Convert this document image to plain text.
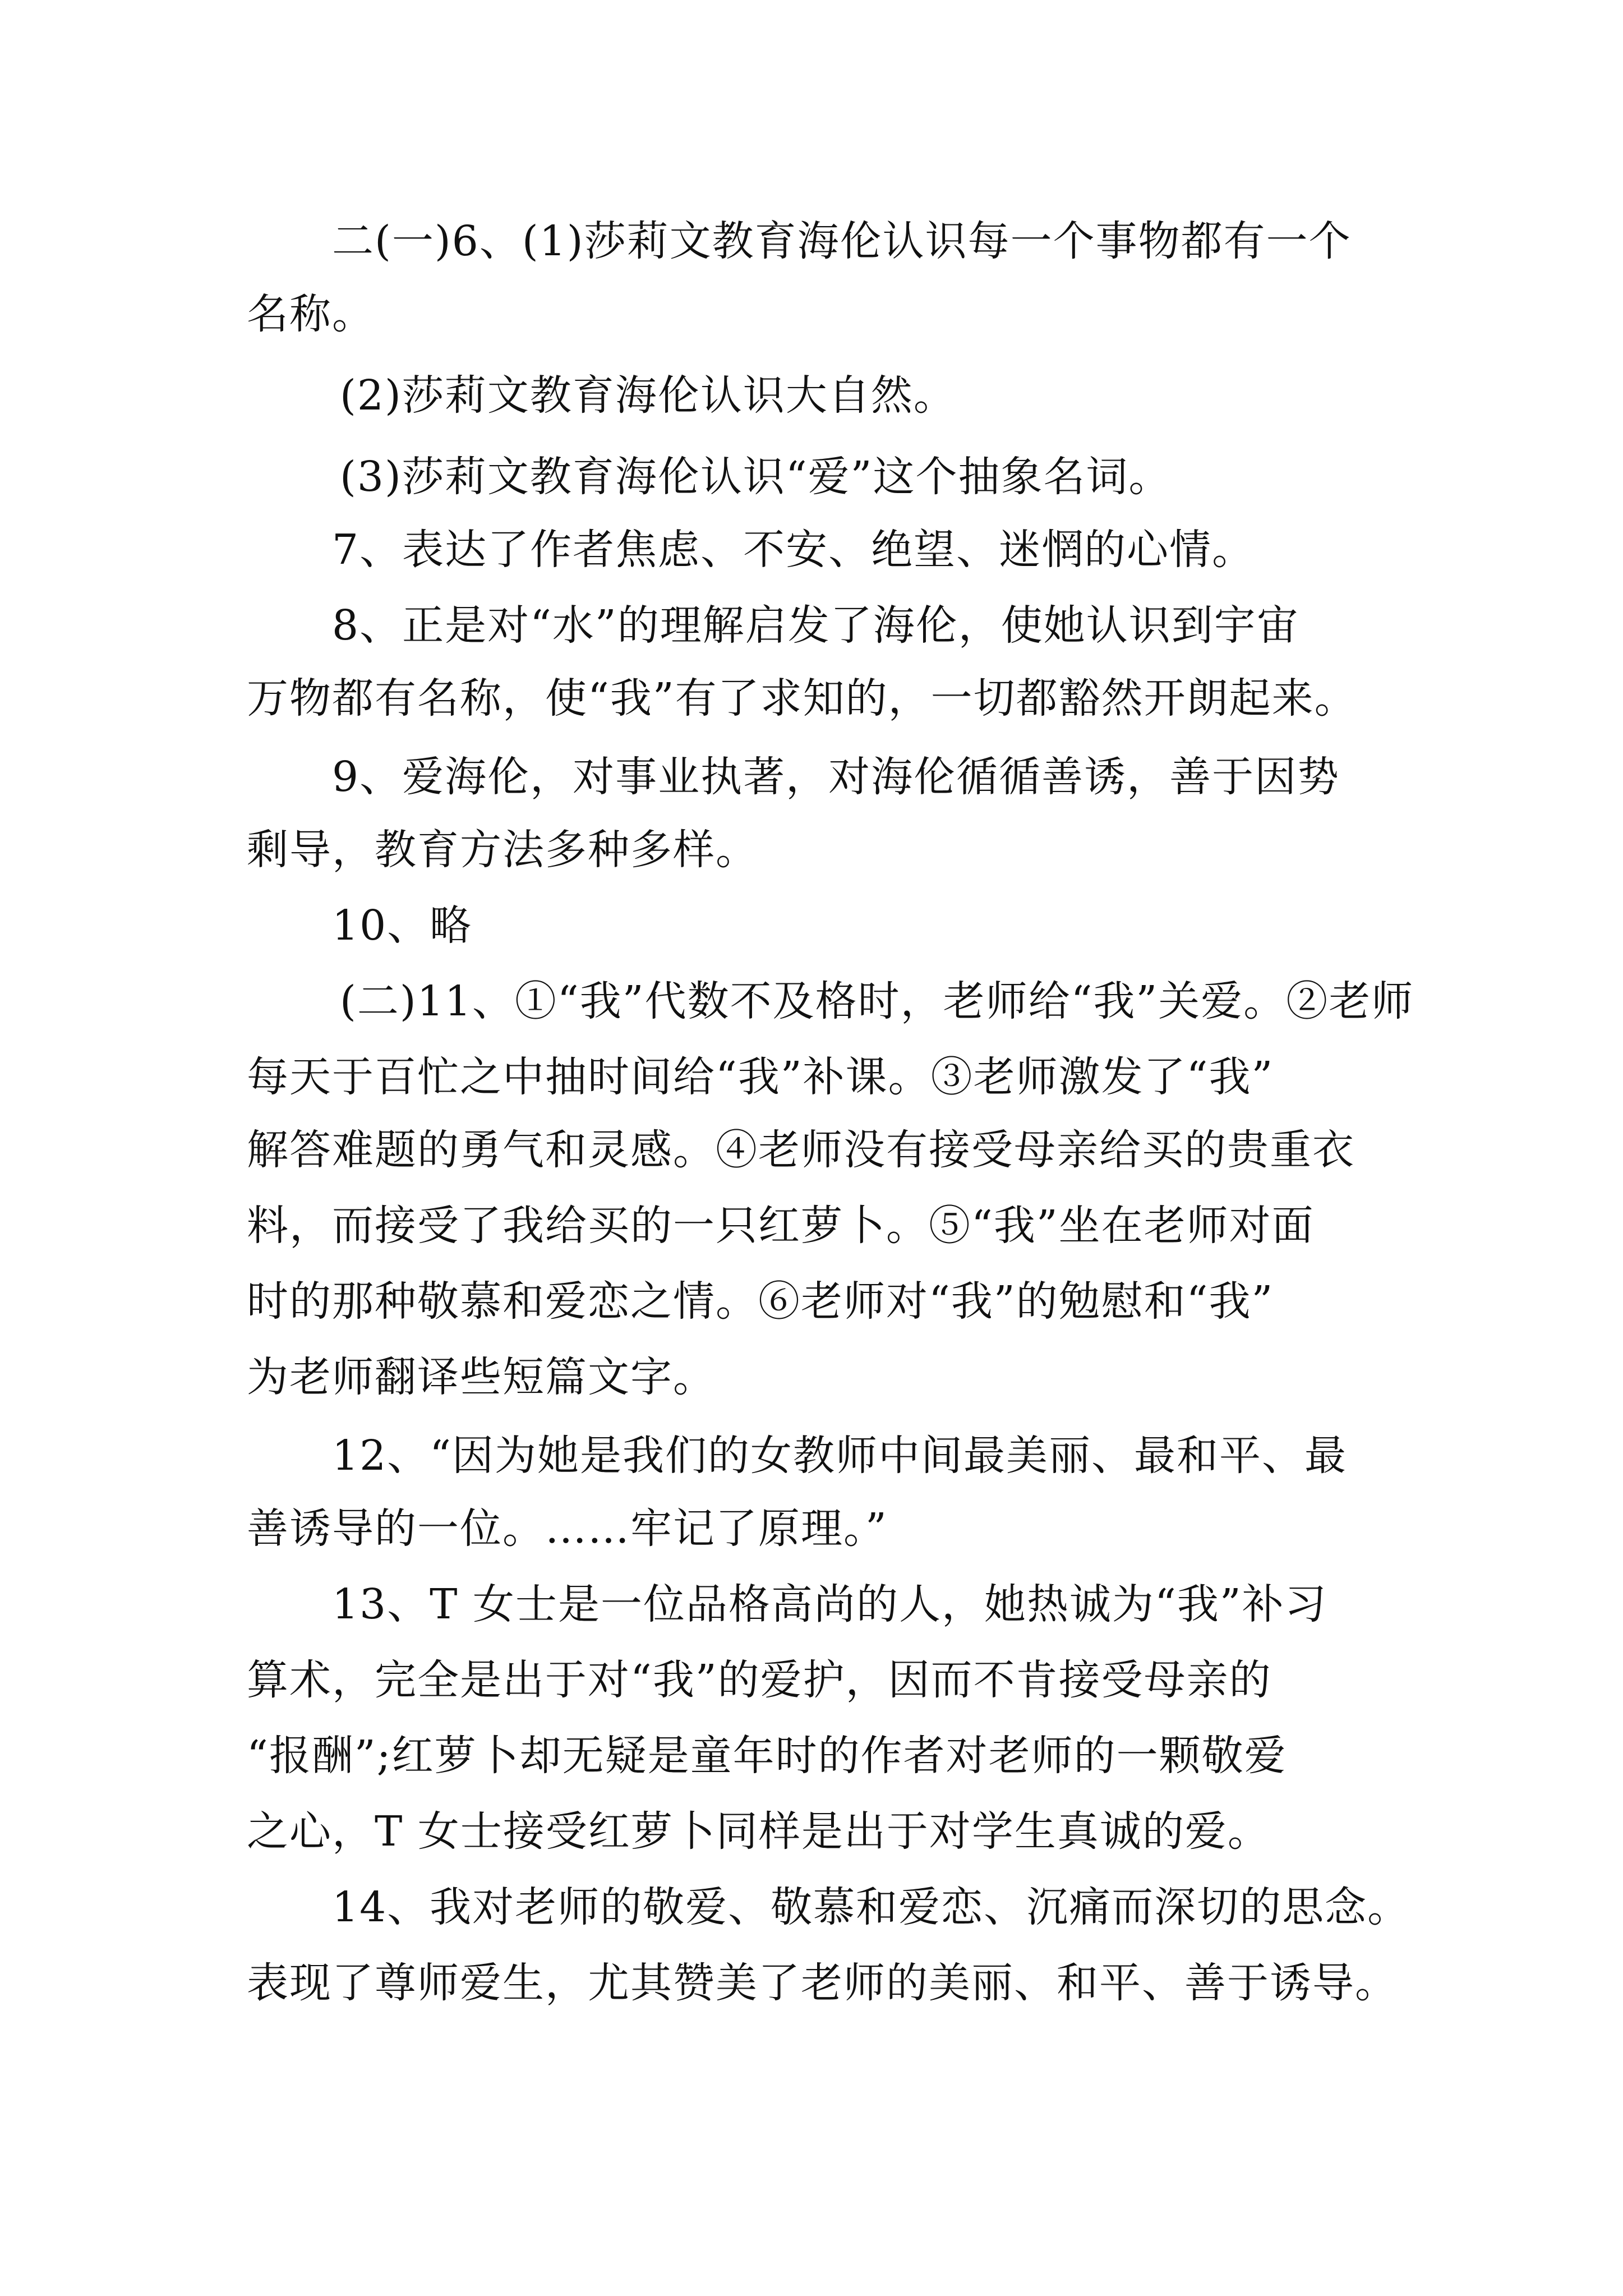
二(一)6、(1)莎莉文教育海伦认识每一个事物都有一个
名称。
(2)莎莉文教育海伦认识大自然。
(3)莎莉文教育海伦认识“爱”这个抽象名词。
7、表达了作者焦虑、不安、绝望、迷惘的心情。
8、正是对“水”的理解启发了海伦，使她认识到宇宙
万物都有名称，使“我”有了求知的，一切都豁然开朗起来。
9、爱海伦，对事业执著，对海伦循循善诱，善于因势
剩导，教育方法多种多样。
10、略
(二)11、①“我”代数不及格时，老师给“我”关爱。②老师
每天于百忙之中抽时间给“我”补课。③老师激发了“我”
解答难题的勇气和灵感。④老师没有接受母亲给买的贵重衣
料，而接受了我给买的一只红萝卜。⑤“我”坐在老师对面
时的那种敬慕和爱恋之情。⑥老师对“我”的勉慰和“我”
为老师翻译些短篇文字。
12、“因为她是我们的女教师中间最美丽、最和平、最
善诱导的一位。……牢记了原理。”
13、T 女士是一位品格高尚的人，她热诚为“我”补习
算术，完全是出于对“我”的爱护，因而不肯接受母亲的
“报酬”;红萝卜却无疑是童年时的作者对老师的一颗敬爱
之心，T 女士接受红萝卜同样是出于对学生真诚的爱。
14、我对老师的敬爱、敬慕和爱恋、沉痛而深切的思念。
表现了尊师爱生，尤其赞美了老师的美丽、和平、善于诱导。
